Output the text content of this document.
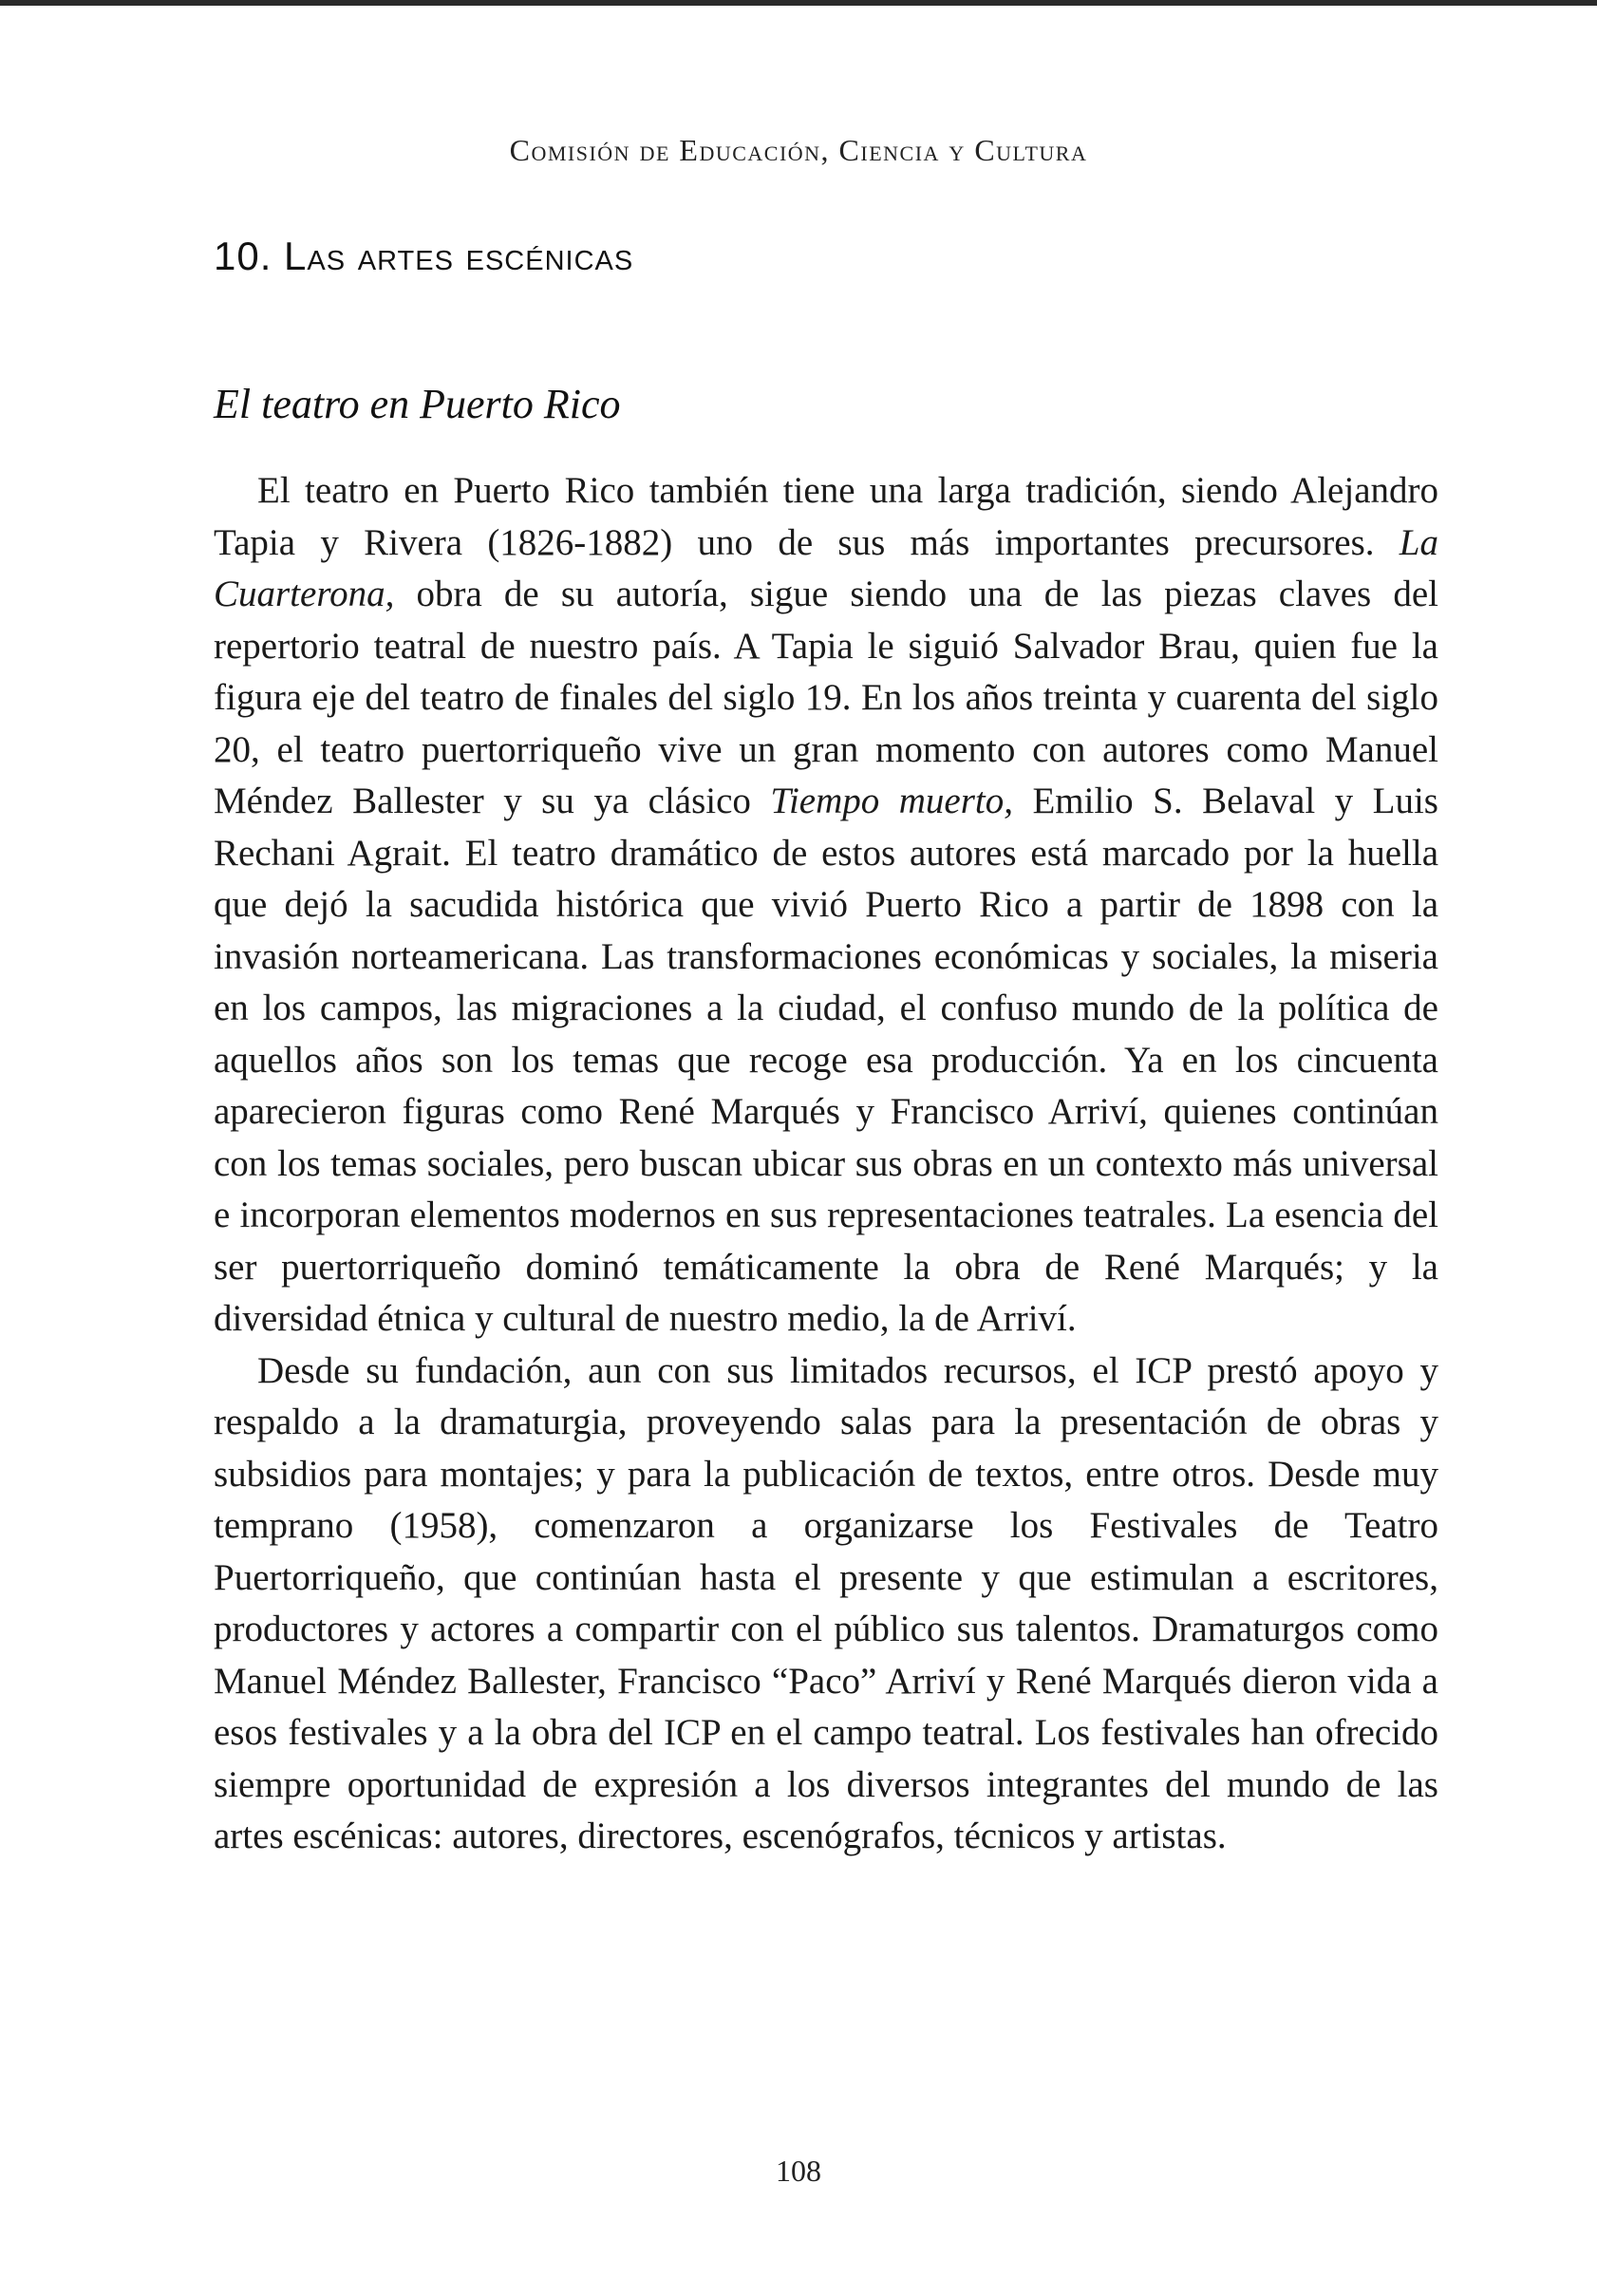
Comisión de Educación, Ciencia y Cultura
10. Las artes escénicas
El teatro en Puerto Rico

El teatro en Puerto Rico también tiene una larga tradición, siendo Alejandro Tapia y Rivera (1826-1882) uno de sus más importantes precursores. La Cuarterona, obra de su autoría, sigue siendo una de las piezas claves del repertorio teatral de nuestro país. A Tapia le siguió Salvador Brau, quien fue la figura eje del teatro de finales del siglo 19. En los años treinta y cuarenta del siglo 20, el teatro puertorriqueño vive un gran momento con autores como Manuel Méndez Ballester y su ya clásico Tiempo muerto, Emilio S. Belaval y Luis Rechani Agrait. El teatro dramático de estos autores está marcado por la huella que dejó la sacudida histórica que vivió Puerto Rico a partir de 1898 con la invasión norteamericana. Las transformaciones económicas y sociales, la miseria en los campos, las migraciones a la ciudad, el confuso mundo de la política de aquellos años son los temas que recoge esa producción. Ya en los cincuenta aparecieron figuras como René Marqués y Francisco Arriví, quienes continúan con los temas sociales, pero buscan ubicar sus obras en un contexto más universal e incorporan elementos modernos en sus representaciones teatrales. La esencia del ser puertorriqueño dominó temáticamente la obra de René Marqués; y la diversidad étnica y cultural de nuestro medio, la de Arriví.

Desde su fundación, aun con sus limitados recursos, el ICP prestó apoyo y respaldo a la dramaturgia, proveyendo salas para la presentación de obras y subsidios para montajes; y para la publicación de textos, entre otros. Desde muy temprano (1958), comenzaron a organizarse los Festivales de Teatro Puertorriqueño, que continúan hasta el presente y que estimulan a escritores, productores y actores a compartir con el público sus talentos. Dramaturgos como Manuel Méndez Ballester, Francisco “Paco” Arriví y René Marqués dieron vida a esos festivales y a la obra del ICP en el campo teatral. Los festivales han ofrecido siempre oportunidad de expresión a los diversos integrantes del mundo de las artes escénicas: autores, directores, escenógrafos, técnicos y artistas.

108
